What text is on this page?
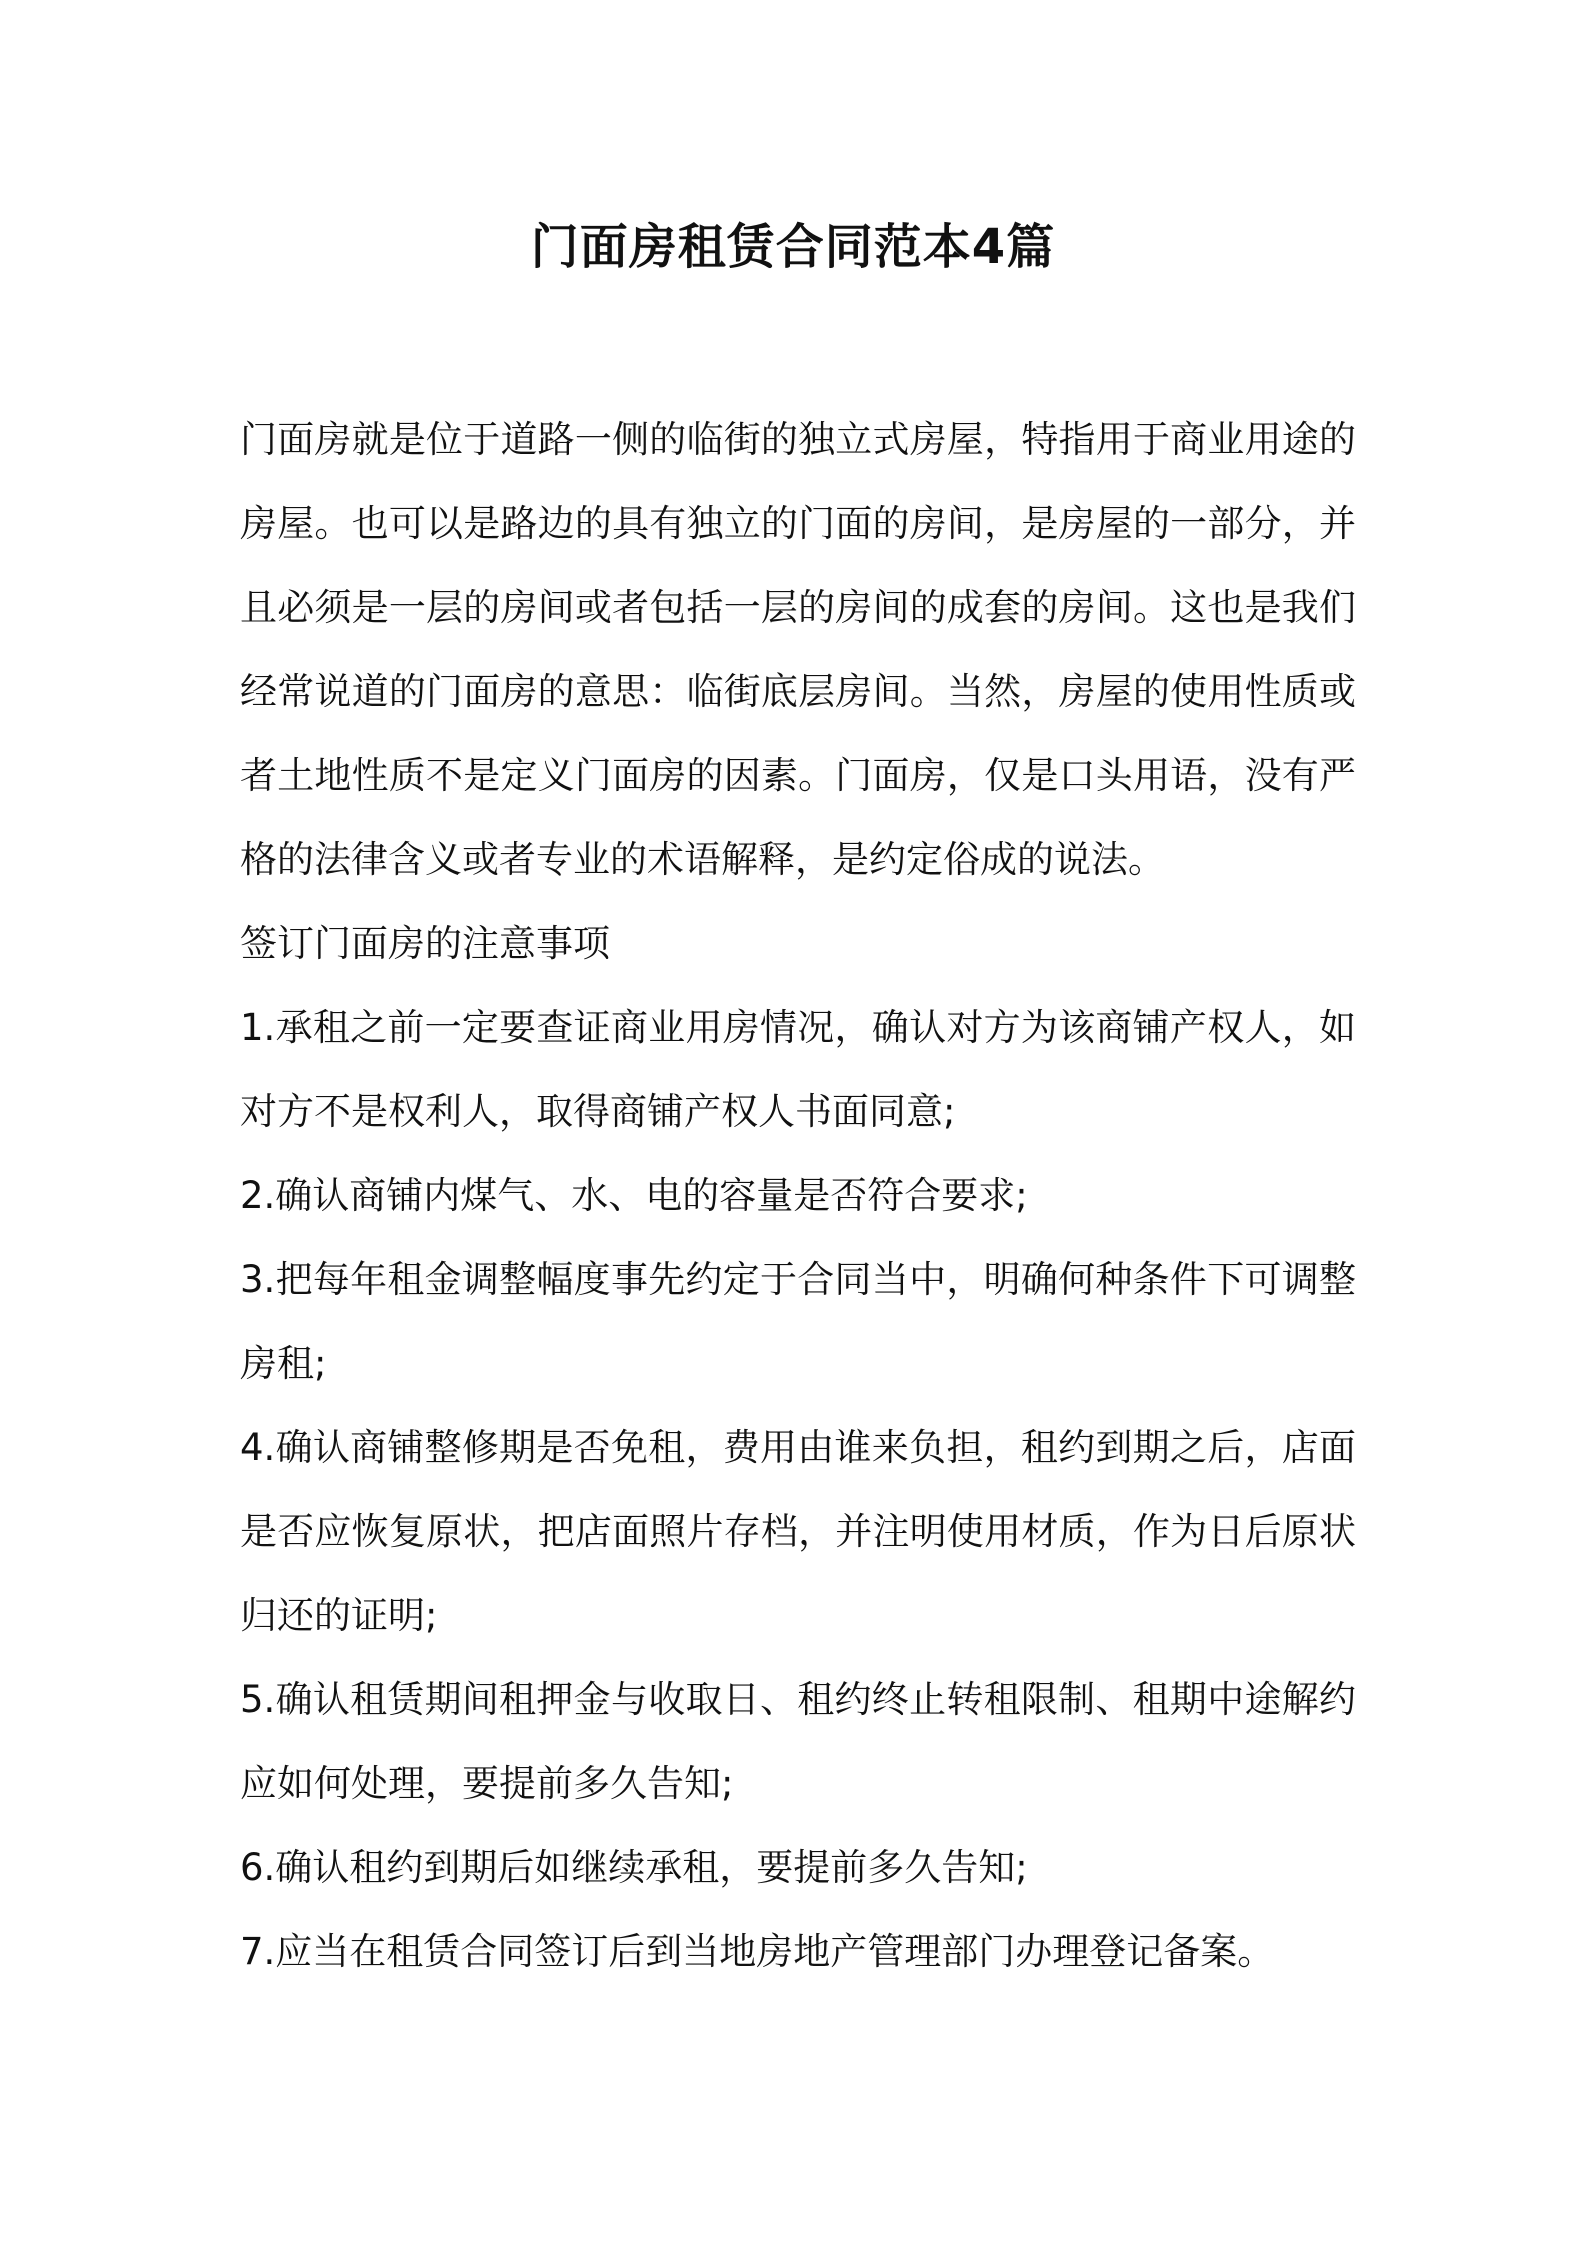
门面房租赁合同范本4篇

门面房就是位于道路一侧的临街的独立式房屋，特指用于商业用途的房屋。也可以是路边的具有独立的门面的房间，是房屋的一部分，并且必须是一层的房间或者包括一层的房间的成套的房间。这也是我们经常说道的门面房的意思：临街底层房间。当然，房屋的使用性质或者土地性质不是定义门面房的因素。门面房，仅是口头用语，没有严格的法律含义或者专业的术语解释，是约定俗成的说法。

签订门面房的注意事项

1.承租之前一定要查证商业用房情况，确认对方为该商铺产权人，如对方不是权利人，取得商铺产权人书面同意;

2.确认商铺内煤气、水、电的容量是否符合要求;

3.把每年租金调整幅度事先约定于合同当中，明确何种条件下可调整房租;

4.确认商铺整修期是否免租，费用由谁来负担，租约到期之后，店面是否应恢复原状，把店面照片存档，并注明使用材质，作为日后原状归还的证明;

5.确认租赁期间租押金与收取日、租约终止转租限制、租期中途解约应如何处理，要提前多久告知;

6.确认租约到期后如继续承租，要提前多久告知;

7.应当在租赁合同签订后到当地房地产管理部门办理登记备案。
